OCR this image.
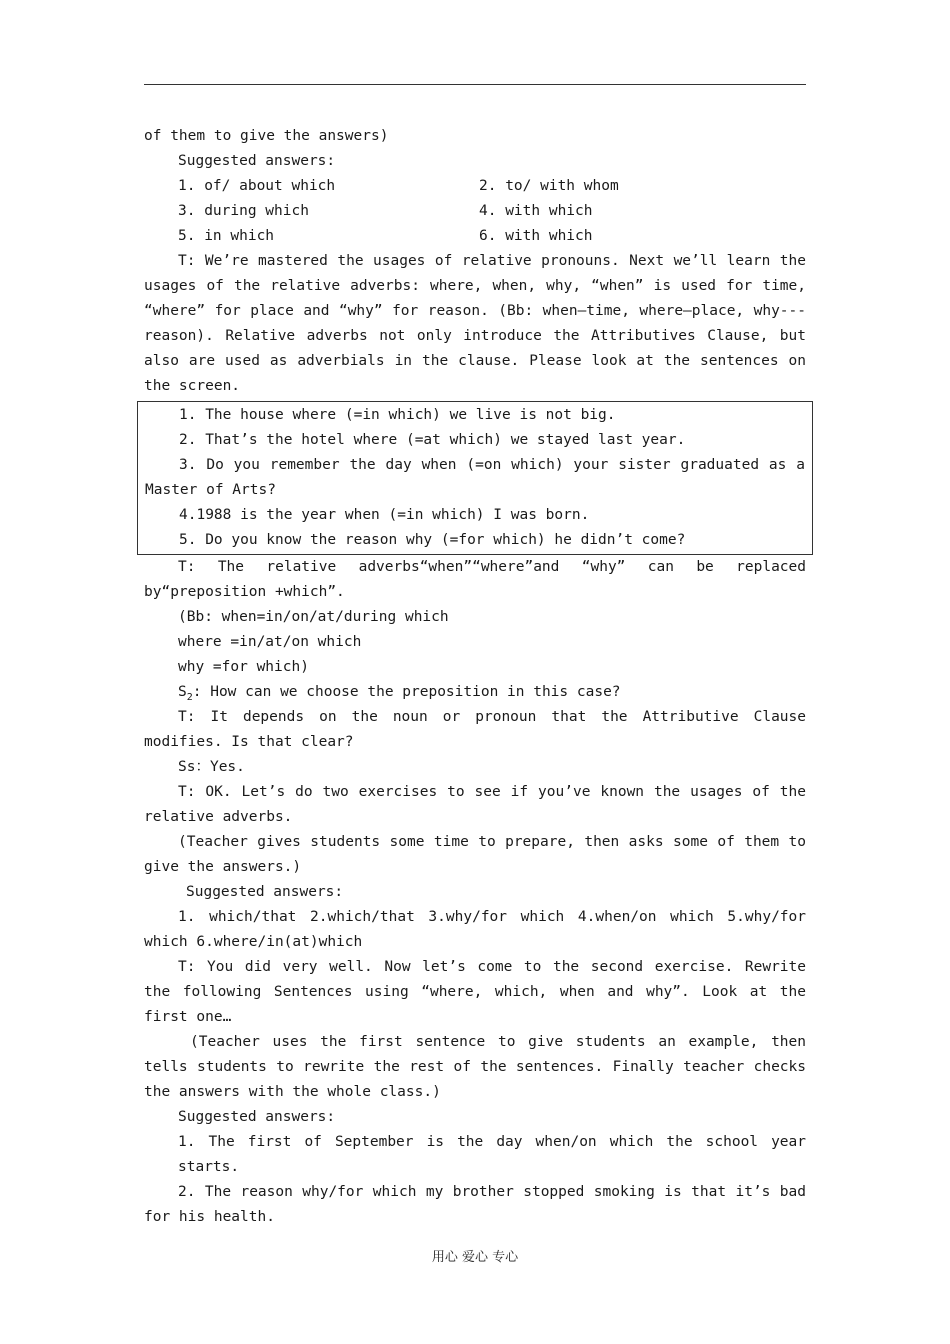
of them to give the answers)

Suggested answers:

1. of/ about which	2. to/ with whom
3. during which	4. with which
5. in which	6. with which

T: We’re mastered the usages of relative pronouns. Next we’ll learn the usages of the relative adverbs: where, when, why, “when” is used for time, “where” for place and “why” for reason. (Bb: when—time, where—place, why---reason). Relative adverbs not only introduce the Attributives Clause, but also are used as adverbials in the clause. Please look at the sentences on the screen.

1. The house where (=in which) we live is not big.

2. That’s the hotel where (=at which) we stayed last year.

3. Do you remember the day when (=on which) your sister graduated as a Master of Arts?

4.1988 is the year when (=in which) I was born.

5. Do you know the reason why (=for which) he didn’t come?

T: The relative adverbs“when”“where”and “why” can be replaced by“preposition +which”.

(Bb: when=in/on/at/during which

where =in/at/on which

why =for which)

$S_2$: How can we choose the preposition in this case?

T: It depends on the noun or pronoun that the Attributive Clause modifies. Is that clear?

Ss：Yes.

T: OK. Let’s do two exercises to see if you’ve known the usages of the relative adverbs.

(Teacher gives students some time to prepare, then asks some of them to give the answers.)

Suggested answers:

1. which/that 2.which/that 3.why/for which 4.when/on which 5.why/for which 6.where/in(at)which

T: You did very well. Now let’s come to the second exercise. Rewrite the following Sentences using “where, which, when and why”. Look at the first one…

(Teacher uses the first sentence to give students an example, then tells students to rewrite the rest of the sentences. Finally teacher checks the answers with the whole class.)

Suggested answers:

1. The first of September is the day when/on which the school year starts.

2. The reason why/for which my brother stopped smoking is that it’s bad for his health.

用心 爱心 专心
